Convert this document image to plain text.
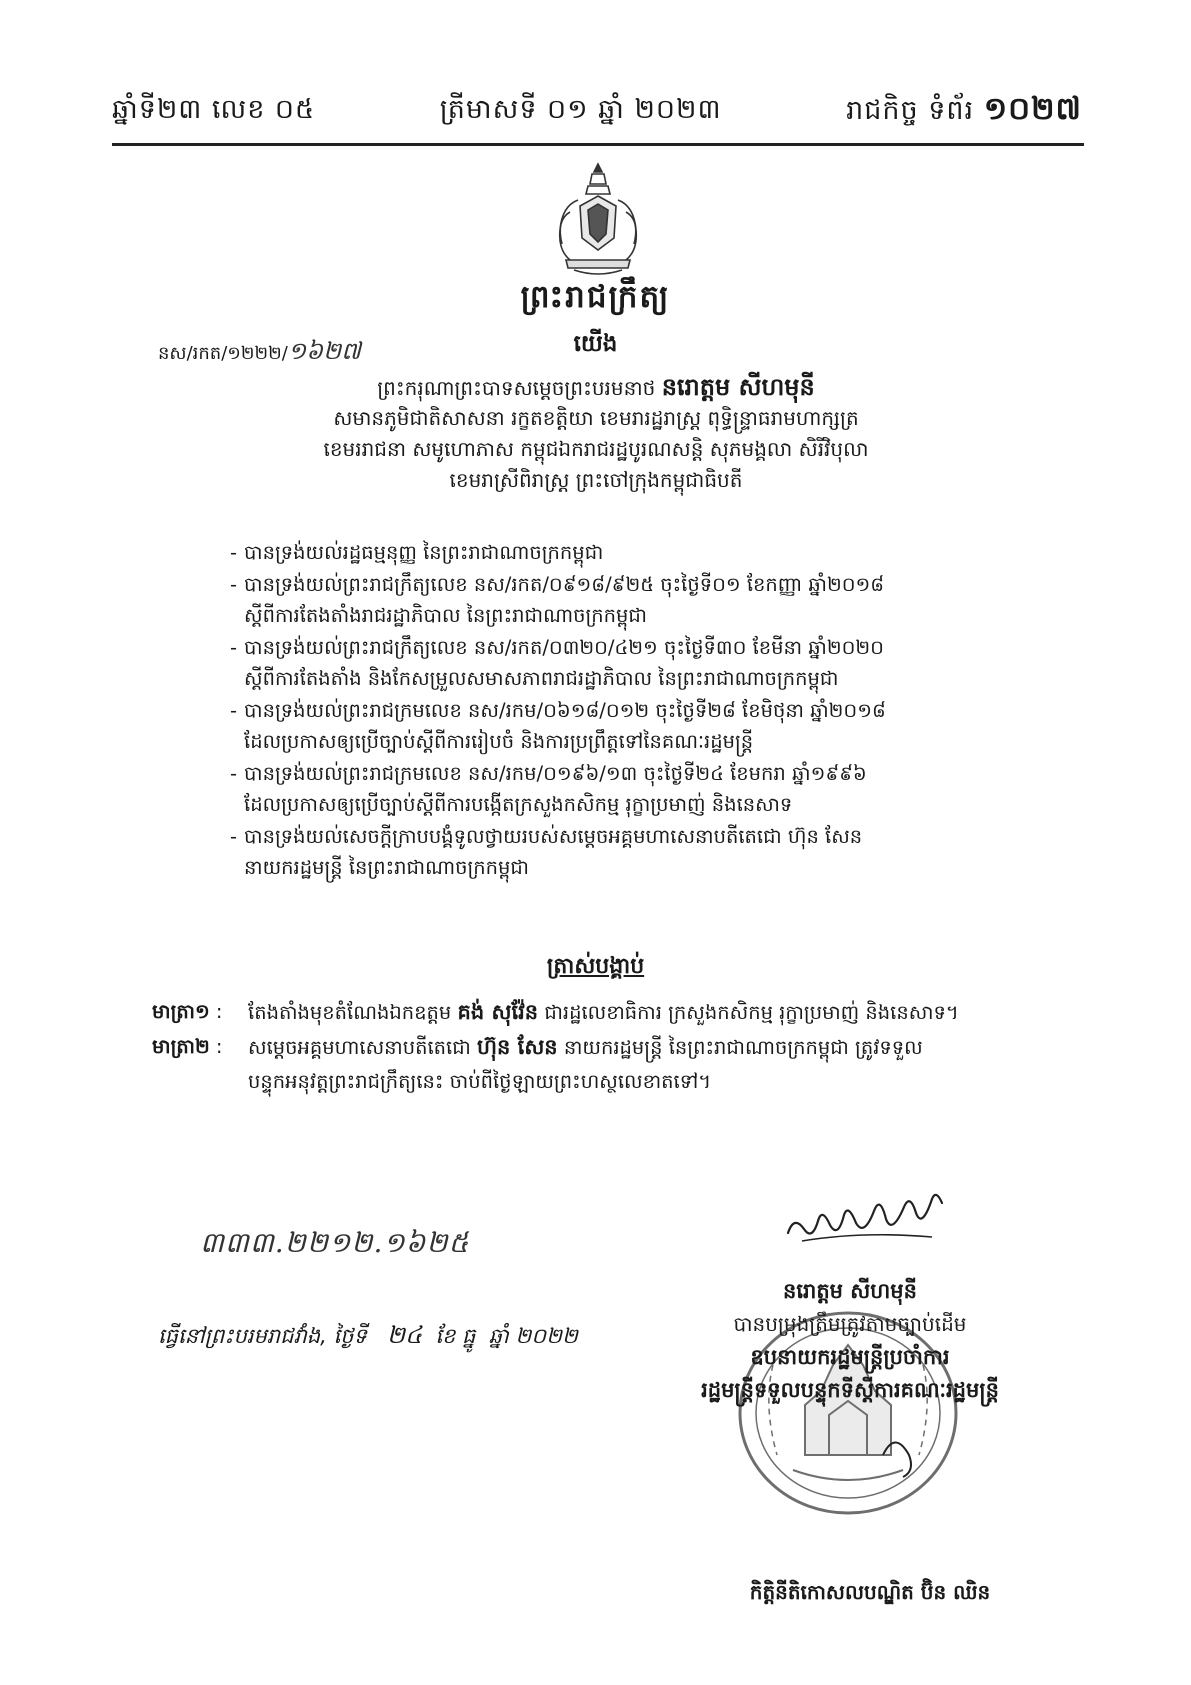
ឆ្នាំទី២៣ លេខ ០៥	ត្រីមាសទី ០១ ឆ្នាំ ២០២៣	រាជកិច្ច ទំព័រ ១០២៧
ព្រះរាជក្រឹត្យ
នស/រកត/១២២២/១៦២៧	យើង
ព្រះករុណាព្រះបាទសម្តេចព្រះបរមនាថ នរោត្តម សីហមុនី
សមានភូមិជាតិសាសនា រក្ខតខត្តិយា ខេមរារដ្ឋរាស្ត្រ ពុទ្ធិន្ទ្រាធរាមហាក្សត្រ
ខេមររាជនា សមូហោភាស កម្ពុជឯករាជរដ្ឋបូរណសន្តិ សុភមង្គលា សិរីវិបុលា
ខេមរាស្រីពិរាស្ត្រ ព្រះចៅក្រុងកម្ពុជាធិបតី
- បានទ្រង់យល់រដ្ឋធម្មនុញ្ញ នៃព្រះរាជាណាចក្រកម្ពុជា
- បានទ្រង់យល់ព្រះរាជក្រឹត្យលេខ នស/រកត/០៩១៨/៩២៥ ចុះថ្ងៃទី០១ ខែកញ្ញា ឆ្នាំ២០១៨
ស្តីពីការតែងតាំងរាជរដ្ឋាភិបាល នៃព្រះរាជាណាចក្រកម្ពុជា
- បានទ្រង់យល់ព្រះរាជក្រឹត្យលេខ នស/រកត/០៣២០/៤២១ ចុះថ្ងៃទី៣០ ខែមីនា ឆ្នាំ២០២០
ស្តីពីការតែងតាំង និងកែសម្រួលសមាសភាពរាជរដ្ឋាភិបាល នៃព្រះរាជាណាចក្រកម្ពុជា
- បានទ្រង់យល់ព្រះរាជក្រមលេខ នស/រកម/០៦១៨/០១២ ចុះថ្ងៃទី២៨ ខែមិថុនា ឆ្នាំ២០១៨
ដែលប្រកាសឲ្យប្រើច្បាប់ស្តីពីការរៀបចំ និងការប្រព្រឹត្តទៅនៃគណៈរដ្ឋមន្ត្រី
- បានទ្រង់យល់ព្រះរាជក្រមលេខ នស/រកម/០១៩៦/១៣ ចុះថ្ងៃទី២៤ ខែមករា ឆ្នាំ១៩៩៦
ដែលប្រកាសឲ្យប្រើច្បាប់ស្តីពីការបង្កើតក្រសួងកសិកម្ម រុក្ខាប្រមាញ់ និងនេសាទ
- បានទ្រង់យល់សេចក្តីក្រាបបង្គំទូលថ្វាយរបស់សម្តេចអគ្គមហាសេនាបតីតេជោ ហ៊ុន សែន
នាយករដ្ឋមន្ត្រី នៃព្រះរាជាណាចក្រកម្ពុជា
ត្រាស់បង្គាប់
មាត្រា១ :	តែងតាំងមុខតំណែងឯកឧត្តម គង់ សុវ៉ែន ជារដ្ឋលេខាធិការ ក្រសួងកសិកម្ម រុក្ខាប្រមាញ់ និងនេសាទ។
មាត្រា២ :	សម្តេចអគ្គមហាសេនាបតីតេជោ ហ៊ុន សែន នាយករដ្ឋមន្ត្រី នៃព្រះរាជាណាចក្រកម្ពុជា ត្រូវទទួល
បន្ទុកអនុវត្តព្រះរាជក្រឹត្យនេះ ចាប់ពីថ្ងៃឡាយព្រះហស្ថលេខាតទៅ។
៣៣៣.២២១២.១៦២៥
ធ្វើនៅព្រះបរមរាជវាំង, ថ្ងៃទី ២៤ ខែ ធ្នូ ឆ្នាំ ២០២២
នរោត្តម សីហមុនី
បានបម្រុងត្រឹមត្រូវតាមច្បាប់ដើម
ឧបនាយករដ្ឋមន្ត្រីប្រចាំការ
រដ្ឋមន្ត្រីទទួលបន្ទុកទីស្តីការគណៈរដ្ឋមន្ត្រី
កិត្តិនីតិកោសលបណ្ឌិត ប៊ិន ឈិន
